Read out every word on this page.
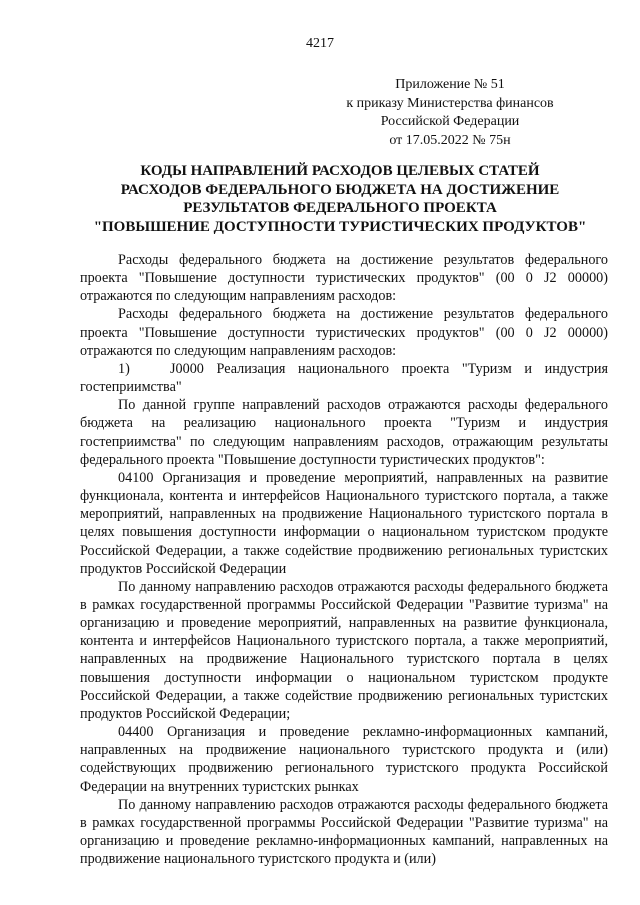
4217
Приложение № 51
к приказу Министерства финансов
Российской Федерации
от 17.05.2022 № 75н
КОДЫ НАПРАВЛЕНИЙ РАСХОДОВ ЦЕЛЕВЫХ СТАТЕЙ
РАСХОДОВ ФЕДЕРАЛЬНОГО БЮДЖЕТА НА ДОСТИЖЕНИЕ
РЕЗУЛЬТАТОВ ФЕДЕРАЛЬНОГО ПРОЕКТА
"ПОВЫШЕНИЕ ДОСТУПНОСТИ ТУРИСТИЧЕСКИХ ПРОДУКТОВ"

Расходы федерального бюджета на достижение результатов федерального проекта "Повышение доступности туристических продуктов" (00 0 J2 00000) отражаются по следующим направлениям расходов:

Расходы федерального бюджета на достижение результатов федерального проекта "Повышение доступности туристических продуктов" (00 0 J2 00000) отражаются по следующим направлениям расходов:

1)	J0000 Реализация национального проекта "Туризм и индустрия гостеприимства"

По данной группе направлений расходов отражаются расходы федерального бюджета на реализацию национального проекта "Туризм и индустрия гостеприимства" по следующим направлениям расходов, отражающим результаты федерального проекта "Повышение доступности туристических продуктов":

04100 Организация и проведение мероприятий, направленных на развитие функционала, контента и интерфейсов Национального туристского портала, а также мероприятий, направленных на продвижение Национального туристского портала в целях повышения доступности информации о национальном туристском продукте Российской Федерации, а также содействие продвижению региональных туристских продуктов Российской Федерации

По данному направлению расходов отражаются расходы федерального бюджета в рамках государственной программы Российской Федерации "Развитие туризма" на организацию и проведение мероприятий, направленных на развитие функционала, контента и интерфейсов Национального туристского портала, а также мероприятий, направленных на продвижение Национального туристского портала в целях повышения доступности информации о национальном туристском продукте Российской Федерации, а также содействие продвижению региональных туристских продуктов Российской Федерации;

04400 Организация и проведение рекламно-информационных кампаний, направленных на продвижение национального туристского продукта и (или) содействующих продвижению регионального туристского продукта Российской Федерации на внутренних туристских рынках

По данному направлению расходов отражаются расходы федерального бюджета в рамках государственной программы Российской Федерации "Развитие туризма" на организацию и проведение рекламно-информационных кампаний, направленных на продвижение национального туристского продукта и (или)
